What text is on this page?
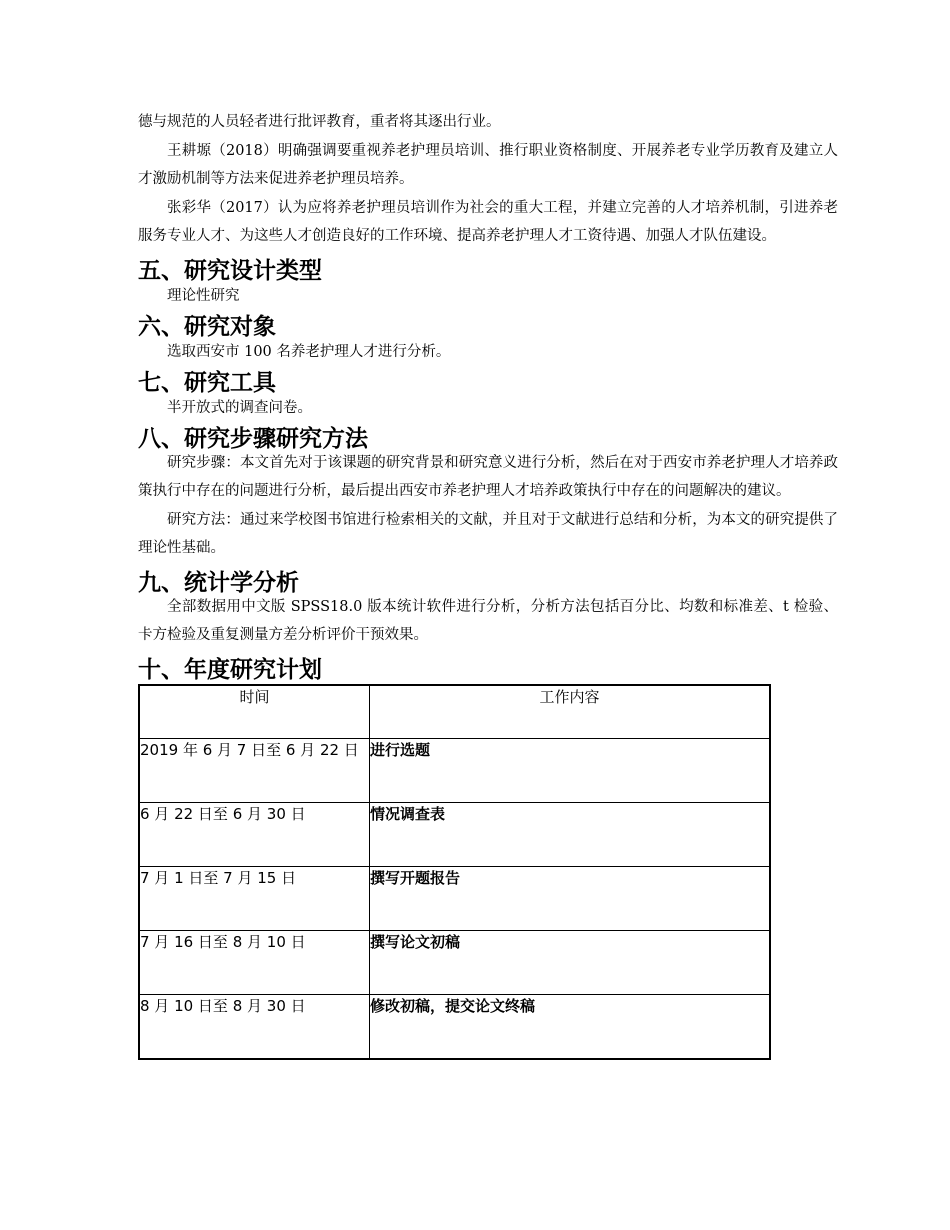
德与规范的人员轻者进行批评教育，重者将其逐出行业。

王耕塬（2018）明确强调要重视养老护理员培训、推行职业资格制度、开展养老专业学历教育及建立人才激励机制等方法来促进养老护理员培养。

张彩华（2017）认为应将养老护理员培训作为社会的重大工程，并建立完善的人才培养机制，引进养老服务专业人才、为这些人才创造良好的工作环境、提高养老护理人才工资待遇、加强人才队伍建设。

五、研究设计类型

理论性研究

六、研究对象

选取西安市 100 名养老护理人才进行分析。

七、研究工具

半开放式的调查问卷。

八、研究步骤研究方法

研究步骤：本文首先对于该课题的研究背景和研究意义进行分析，然后在对于西安市养老护理人才培养政策执行中存在的问题进行分析，最后提出西安市养老护理人才培养政策执行中存在的问题解决的建议。

研究方法：通过来学校图书馆进行检索相关的文献，并且对于文献进行总结和分析，为本文的研究提供了理论性基础。

九、统计学分析

全部数据用中文版 SPSS18.0 版本统计软件进行分析，分析方法包括百分比、均数和标准差、t 检验、卡方检验及重复测量方差分析评价干预效果。

十、年度研究计划
时间	工作内容
2019 年 6 月 7 日至 6 月 22 日	进行选题
6 月 22 日至 6 月 30 日	情况调查表
7 月 1 日至 7 月 15 日	撰写开题报告
7 月 16 日至 8 月 10 日	撰写论文初稿
8 月 10 日至 8 月 30 日	修改初稿，提交论文终稿
